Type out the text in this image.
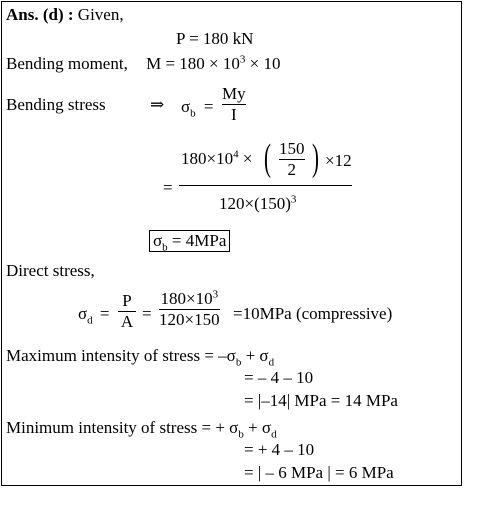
Ans. (d) : Given,
P = 180 kN
Bending moment, $M = 180 \times 10^3 \times 10$
Bending stress	⇒ $\sigma_b$ =
My
I
=
$180\times 10^4$ × ( 150
2 ) ×12
$120\times(150)^3$
$\sigma_b = 4MPa$
Direct stress,
$\sigma_d$ =
P
A =
$180\times 10^3$
120×150 =10MPa (compressive)
Maximum intensity of stress = $-\sigma_b + \sigma_d$
= – 4 – 10
= |–14| MPa = 14 MPa
Minimum intensity of stress = + $\sigma_b + \sigma_d$
= + 4 – 10
= | – 6 MPa | = 6 MPa
